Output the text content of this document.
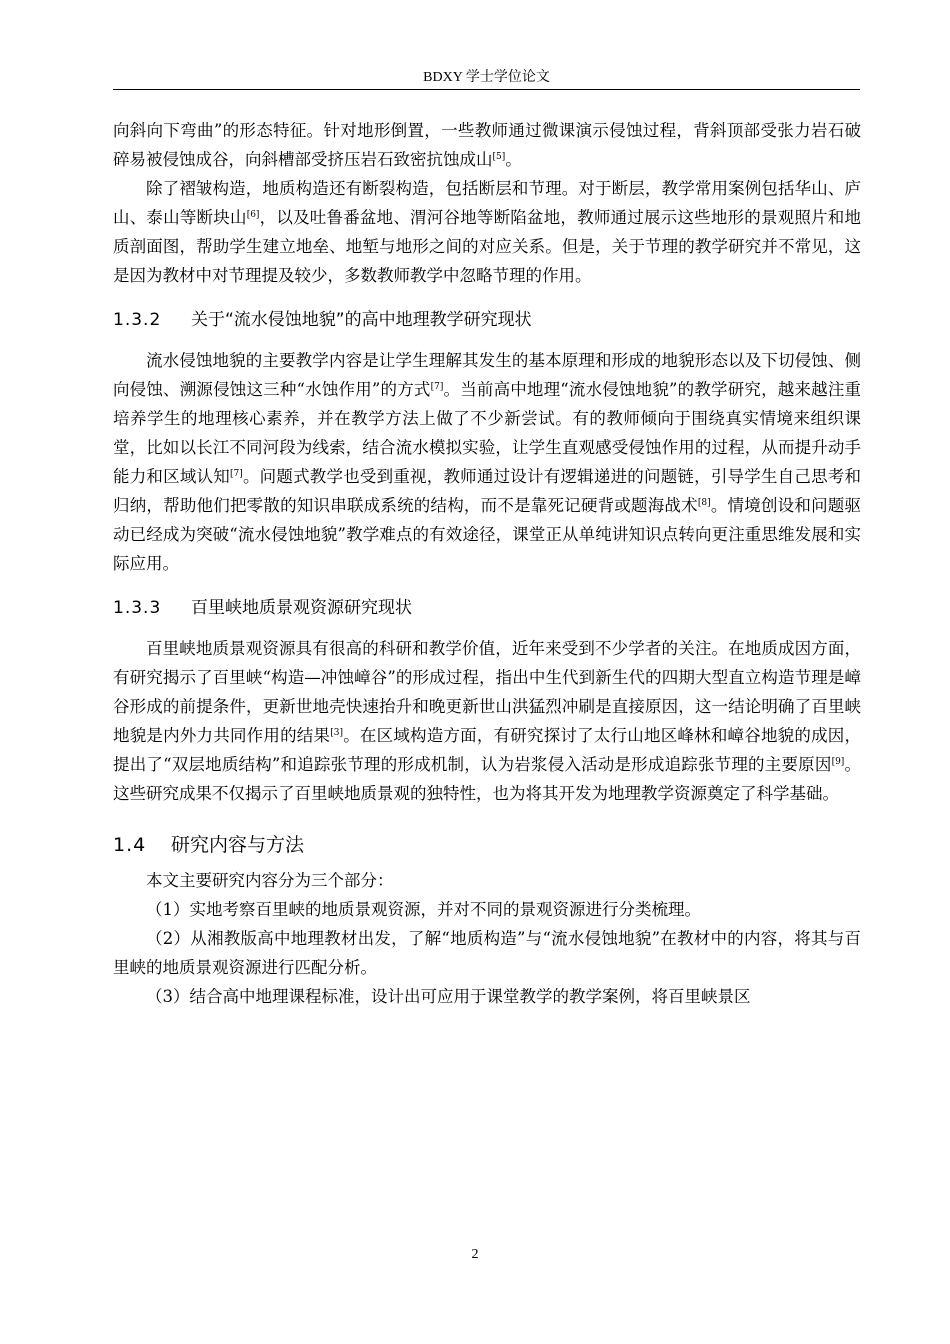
BDXY 学士学位论文

向斜向下弯曲”的形态特征。针对地形倒置，一些教师通过微课演示侵蚀过程，背斜顶部受张力岩石破碎易被侵蚀成谷，向斜槽部受挤压岩石致密抗蚀成山[5]。

除了褶皱构造，地质构造还有断裂构造，包括断层和节理。对于断层，教学常用案例包括华山、庐山、泰山等断块山[6]，以及吐鲁番盆地、渭河谷地等断陷盆地，教师通过展示这些地形的景观照片和地质剖面图，帮助学生建立地垒、地堑与地形之间的对应关系。但是，关于节理的教学研究并不常见，这是因为教材中对节理提及较少，多数教师教学中忽略节理的作用。

1.3.2 关于“流水侵蚀地貌”的高中地理教学研究现状

流水侵蚀地貌的主要教学内容是让学生理解其发生的基本原理和形成的地貌形态以及下切侵蚀、侧向侵蚀、溯源侵蚀这三种“水蚀作用”的方式[7]。当前高中地理“流水侵蚀地貌”的教学研究，越来越注重培养学生的地理核心素养，并在教学方法上做了不少新尝试。有的教师倾向于围绕真实情境来组织课堂，比如以长江不同河段为线索，结合流水模拟实验，让学生直观感受侵蚀作用的过程，从而提升动手能力和区域认知[7]。问题式教学也受到重视，教师通过设计有逻辑递进的问题链，引导学生自己思考和归纳，帮助他们把零散的知识串联成系统的结构，而不是靠死记硬背或题海战术[8]。情境创设和问题驱动已经成为突破“流水侵蚀地貌”教学难点的有效途径，课堂正从单纯讲知识点转向更注重思维发展和实际应用。

1.3.3 百里峡地质景观资源研究现状

百里峡地质景观资源具有很高的科研和教学价值，近年来受到不少学者的关注。在地质成因方面，有研究揭示了百里峡“构造—冲蚀嶂谷”的形成过程，指出中生代到新生代的四期大型直立构造节理是嶂谷形成的前提条件，更新世地壳快速抬升和晚更新世山洪猛烈冲刷是直接原因，这一结论明确了百里峡地貌是内外力共同作用的结果[3]。在区域构造方面，有研究探讨了太行山地区峰林和嶂谷地貌的成因，提出了“双层地质结构”和追踪张节理的形成机制，认为岩浆侵入活动是形成追踪张节理的主要原因[9]。这些研究成果不仅揭示了百里峡地质景观的独特性，也为将其开发为地理教学资源奠定了科学基础。

1.4 研究内容与方法

本文主要研究内容分为三个部分：

（1）实地考察百里峡的地质景观资源，并对不同的景观资源进行分类梳理。

（2）从湘教版高中地理教材出发，了解“地质构造”与“流水侵蚀地貌”在教材中的内容，将其与百里峡的地质景观资源进行匹配分析。

（3）结合高中地理课程标准，设计出可应用于课堂教学的教学案例，将百里峡景区

2
